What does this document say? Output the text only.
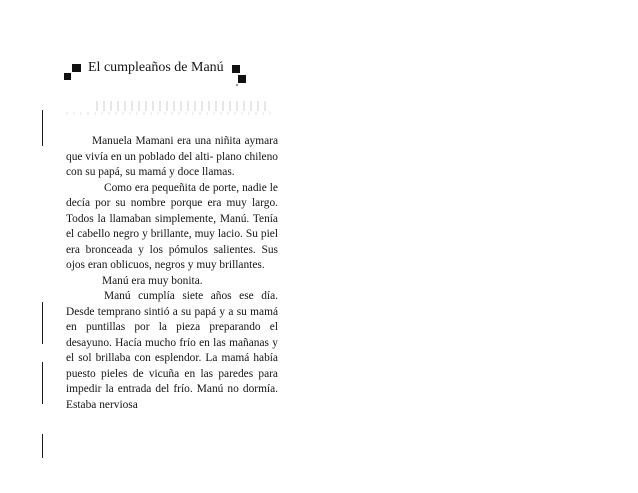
El cumpleaños de Manú

Manuela Mamani era una niñita aymara que vivía en un poblado del alti- plano chileno con su papá, su mamá y doce llamas.

Como era pequeñita de porte, nadie le decía por su nombre porque era muy largo. Todos la llamaban simplemente, Manú. Tenía el cabello negro y brillante, muy lacio. Su piel era bronceada y los pómulos salientes. Sus ojos eran oblicuos, negros y muy brillantes.

Manú era muy bonita.

Manú cumplía siete años ese día. Desde temprano sintió a su papá y a su mamá en puntillas por la pieza preparando el desayuno. Hacía mucho frío en las mañanas y el sol brillaba con esplendor. La mamá había puesto pieles de vicuña en las paredes para impedir la entrada del frío. Manú no dormía. Estaba nerviosa
